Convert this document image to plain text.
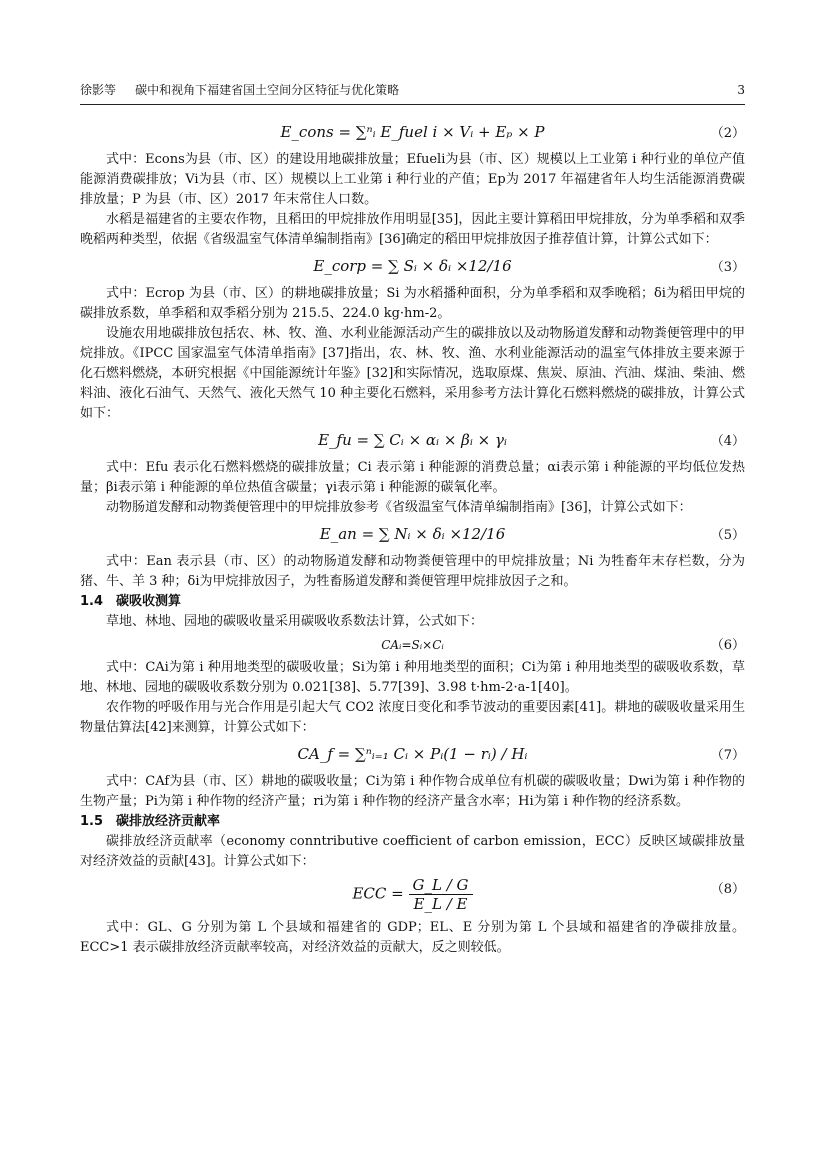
徐影等 碳中和视角下福建省国土空间分区特征与优化策略	3
E_cons = ∑ⁿᵢ E_fuel i × Vᵢ + Eₚ × P	（2）

式中：Econs为县（市、区）的建设用地碳排放量；Efueli为县（市、区）规模以上工业第 i 种行业的单位产值能源消费碳排放；Vi为县（市、区）规模以上工业第 i 种行业的产值；Ep为 2017 年福建省年人均生活能源消费碳排放量；P 为县（市、区）2017 年末常住人口数。

水稻是福建省的主要农作物，且稻田的甲烷排放作用明显[35]，因此主要计算稻田甲烷排放，分为单季稻和双季晚稻两种类型，依据《省级温室气体清单编制指南》[36]确定的稻田甲烷排放因子推荐值计算，计算公式如下：

E_corp = ∑ Sᵢ × δᵢ ×12/16	（3）

式中：Ecrop 为县（市、区）的耕地碳排放量；Si 为水稻播种面积，分为单季稻和双季晚稻；δi为稻田甲烷的碳排放系数，单季稻和双季稻分别为 215.5、224.0 kg·hm-2。

设施农用地碳排放包括农、林、牧、渔、水利业能源活动产生的碳排放以及动物肠道发酵和动物粪便管理中的甲烷排放。《IPCC 国家温室气体清单指南》[37]指出，农、林、牧、渔、水利业能源活动的温室气体排放主要来源于化石燃料燃烧，本研究根据《中国能源统计年鉴》[32]和实际情况，选取原煤、焦炭、原油、汽油、煤油、柴油、燃料油、液化石油气、天然气、液化天然气 10 种主要化石燃料，采用参考方法计算化石燃料燃烧的碳排放，计算公式如下：

E_fu = ∑ Cᵢ × αᵢ × βᵢ × γᵢ	（4）

式中：Efu 表示化石燃料燃烧的碳排放量；Ci 表示第 i 种能源的消费总量；αi表示第 i 种能源的平均低位发热量；βi表示第 i 种能源的单位热值含碳量；γi表示第 i 种能源的碳氧化率。

动物肠道发酵和动物粪便管理中的甲烷排放参考《省级温室气体清单编制指南》[36]，计算公式如下：

E_an = ∑ Nᵢ × δᵢ ×12/16	（5）

式中：Ean 表示县（市、区）的动物肠道发酵和动物粪便管理中的甲烷排放量；Ni 为牲畜年末存栏数，分为猪、牛、羊 3 种；δi为甲烷排放因子，为牲畜肠道发酵和粪便管理甲烷排放因子之和。

1.4　碳吸收测算

草地、林地、园地的碳吸收量采用碳吸收系数法计算，公式如下：

CAᵢ=Sᵢ×Cᵢ	（6）

式中：CAi为第 i 种用地类型的碳吸收量；Si为第 i 种用地类型的面积；Ci为第 i 种用地类型的碳吸收系数，草地、林地、园地的碳吸收系数分别为 0.021[38]、5.77[39]、3.98 t·hm-2·a-1[40]。

农作物的呼吸作用与光合作用是引起大气 CO2 浓度日变化和季节波动的重要因素[41]。耕地的碳吸收量采用生物量估算法[42]来测算，计算公式如下：

CA_f = ∑ⁿᵢ₌₁ Cᵢ × Pᵢ(1 − rᵢ) / Hᵢ	（7）

式中：CAf为县（市、区）耕地的碳吸收量；Ci为第 i 种作物合成单位有机碳的碳吸收量；Dwi为第 i 种作物的生物产量；Pi为第 i 种作物的经济产量；ri为第 i 种作物的经济产量含水率；Hi为第 i 种作物的经济系数。

1.5　碳排放经济贡献率

碳排放经济贡献率（economy conntributive coefficient of carbon emission，ECC）反映区域碳排放量对经济效益的贡献[43]。计算公式如下：

ECC = $\frac{G\_L / G}{E\_L / E}$	（8）

式中：GL、G 分别为第 L 个县域和福建省的 GDP；EL、E 分别为第 L 个县域和福建省的净碳排放量。ECC>1 表示碳排放经济贡献率较高，对经济效益的贡献大，反之则较低。
